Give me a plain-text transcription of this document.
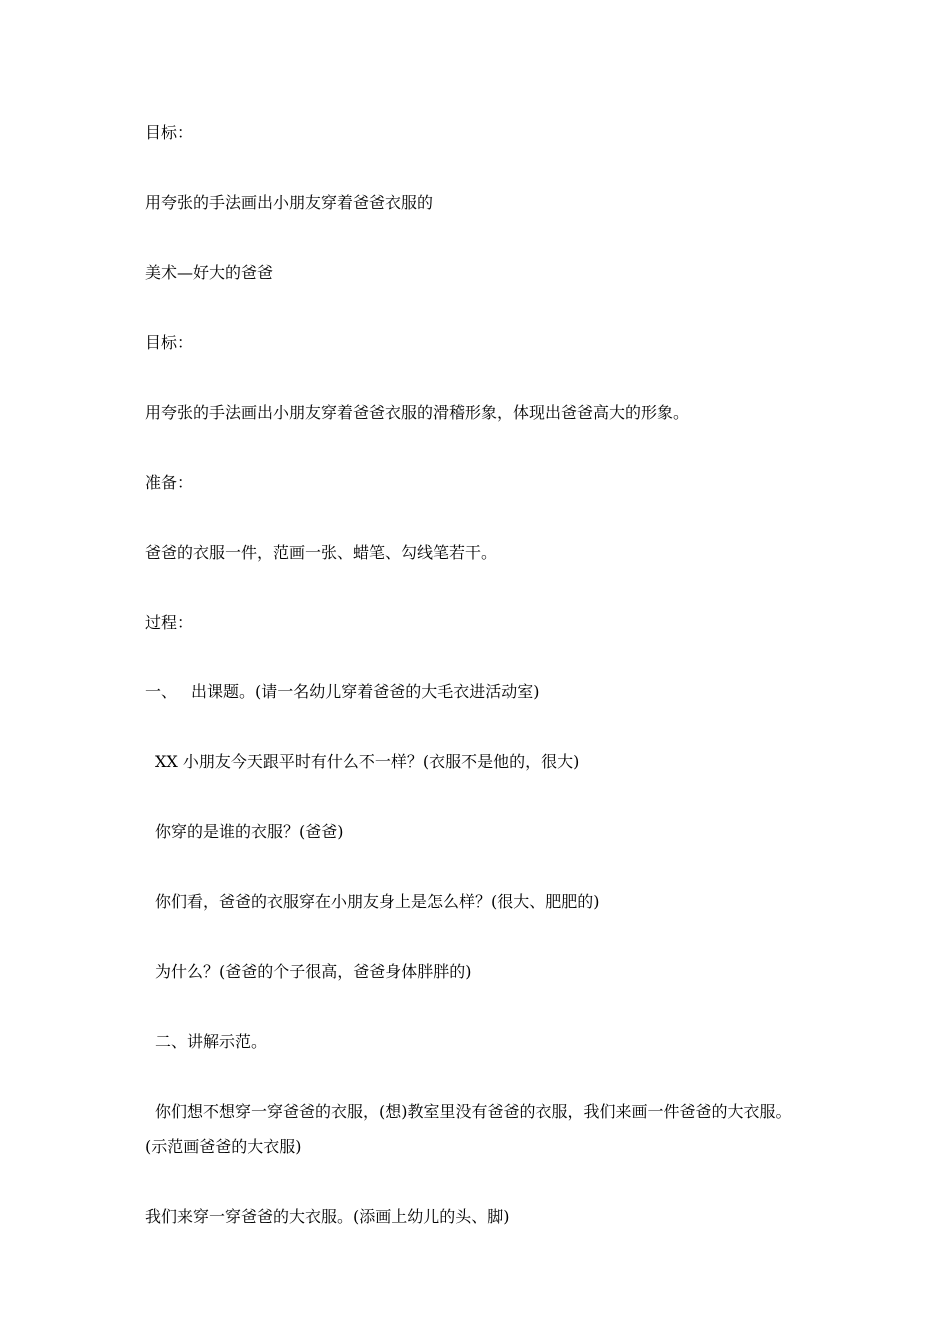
目标：
用夸张的手法画出小朋友穿着爸爸衣服的
美术—好大的爸爸
目标：
用夸张的手法画出小朋友穿着爸爸衣服的滑稽形象，体现出爸爸高大的形象。
准备：
爸爸的衣服一件，范画一张、蜡笔、勾线笔若干。
过程：
一、 出课题。(请一名幼儿穿着爸爸的大毛衣进活动室)
XX 小朋友今天跟平时有什么不一样？(衣服不是他的，很大)
你穿的是谁的衣服？(爸爸)
你们看，爸爸的衣服穿在小朋友身上是怎么样？(很大、肥肥的)
为什么？(爸爸的个子很高，爸爸身体胖胖的)
二、讲解示范。
你们想不想穿一穿爸爸的衣服，(想)教室里没有爸爸的衣服，我们来画一件爸爸的大衣服。
(示范画爸爸的大衣服)
我们来穿一穿爸爸的大衣服。(添画上幼儿的头、脚)
